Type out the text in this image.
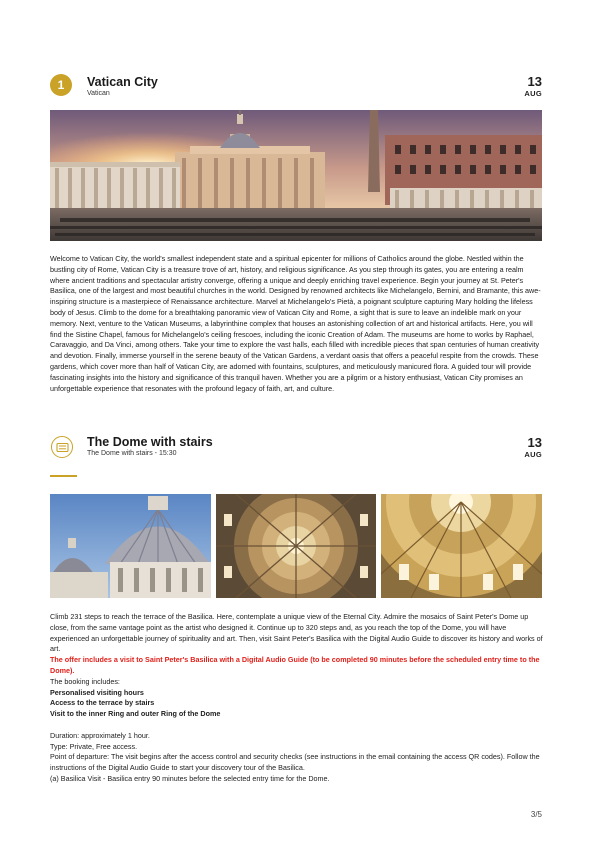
1	Vatican City
Vatican
13
AUG
Welcome to Vatican City, the world's smallest independent state and a spiritual epicenter for millions of Catholics around the globe. Nestled within the bustling city of Rome, Vatican City is a treasure trove of art, history, and religious significance. As you step through its gates, you are entering a realm where ancient traditions and spectacular artistry converge, offering a unique and deeply enriching travel experience. Begin your journey at St. Peter's Basilica, one of the largest and most beautiful churches in the world. Designed by renowned architects like Michelangelo, Bernini, and Bramante, this awe-inspiring structure is a masterpiece of Renaissance architecture. Marvel at Michelangelo's Pietà, a poignant sculpture capturing Mary holding the lifeless body of Jesus. Climb to the dome for a breathtaking panoramic view of Vatican City and Rome, a sight that is sure to leave an indelible mark on your memory. Next, venture to the Vatican Museums, a labyrinthine complex that houses an astonishing collection of art and historical artifacts. Here, you will find the Sistine Chapel, famous for Michelangelo's ceiling frescoes, including the iconic Creation of Adam. The museums are home to works by Raphael, Caravaggio, and Da Vinci, among others. Take your time to explore the vast halls, each filled with incredible pieces that span centuries of human creativity and devotion. Finally, immerse yourself in the serene beauty of the Vatican Gardens, a verdant oasis that offers a peaceful respite from the crowds. These gardens, which cover more than half of Vatican City, are adorned with fountains, sculptures, and meticulously manicured flora. A guided tour will provide fascinating insights into the history and significance of this tranquil haven. Whether you are a pilgrim or a history enthusiast, Vatican City promises an unforgettable experience that resonates with the profound legacy of faith, art, and culture.
The Dome with stairs
The Dome with stairs - 15:30
13
AUG

Climb 231 steps to reach the terrace of the Basilica. Here, contemplate a unique view of the Eternal City. Admire the mosaics of Saint Peter's Dome up close, from the same vantage point as the artist who designed it. Continue up to 320 steps and, as you reach the top of the Dome, you will have experienced an unforgettable journey of spirituality and art. Then, visit Saint Peter's Basilica with the Digital Audio Guide to discover its history and works of art.

The offer includes a visit to Saint Peter's Basilica with a Digital Audio Guide (to be completed 90 minutes before the scheduled entry time to the Dome).

The booking includes:

Personalised visiting hours

Access to the terrace by stairs

Visit to the inner Ring and outer Ring of the Dome

Duration: approximately 1 hour.

Type: Private, Free access.

Point of departure: The visit begins after the access control and security checks (see instructions in the email containing the access QR codes). Follow the instructions of the Digital Audio Guide to start your discovery tour of the Basilica.

(a) Basilica Visit - Basilica entry 90 minutes before the selected entry time for the Dome.

3/5
